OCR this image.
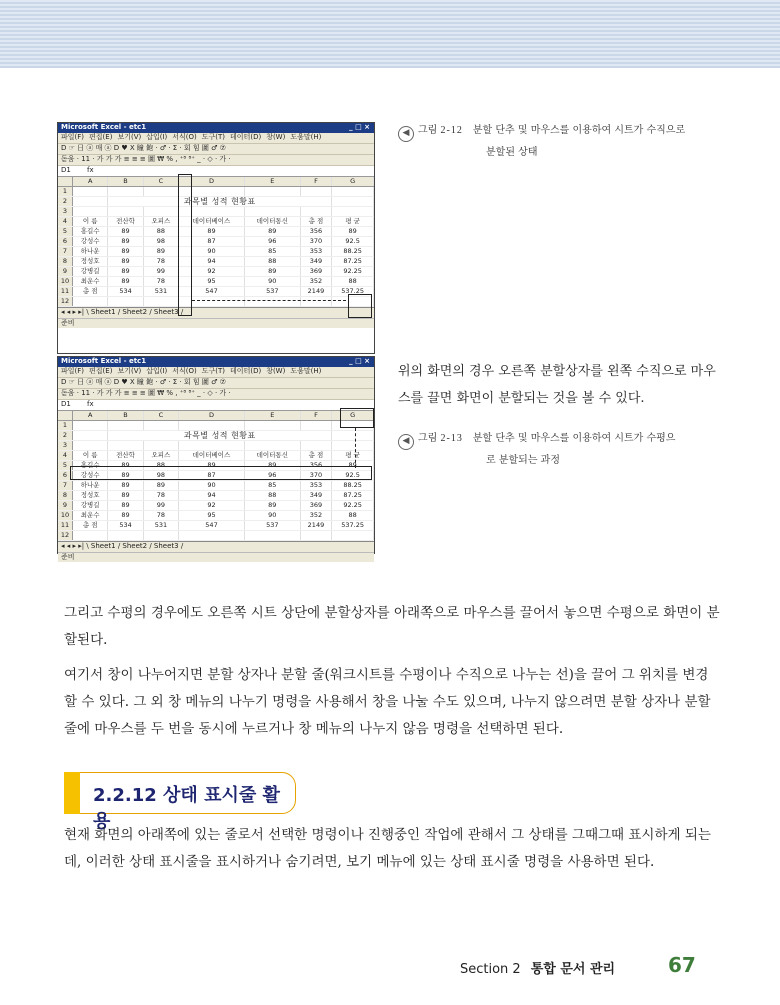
Microsoft Excel - etc1	_ □ ×
파일(F) 편집(E) 보기(V) 삽입(I) 서식(O) 도구(T) 데이터(D) 창(W) 도움말(H)
D ☞ 日 ⓐ 매 ⓐ D ♥ X 瞳 飽 · ♂ · Σ · 회 힘 圖 ♂ ⑦
돋움 · 11 · 가 가 가 ≡ ≡ ≡ 圖 ₩ % , ⁺⁸ ⁸⁺ _ · ◇ · 가 ·
D1 fx
	A	B	C	D	E	F	G
1							
2		과목별 성적 현황표					
3							
4	이 름	전산학	오피스	데이터베이스	데이터통신	총 점	평 균
5	홍길수	89	88	89	89	356	89
6	강성수	89	98	87	96	370	92.5
7	하나운	89	89	90	85	353	88.25
8	정성호	89	78	94	88	349	87.25
9	강병길	89	99	92	89	369	92.25
10	최운수	89	78	95	90	352	88
11	총 점	534	531	547	537	2149	537.25
12							
◂ ◂ ▸ ▸| \ Sheet1 / Sheet2 / Sheet3 /
준비
◀ 그림 2-12 분할 단추 및 마우스를 이용하여 시트가 수직으로
분할된 상태
Microsoft Excel - etc1	_ □ ×
파일(F) 편집(E) 보기(V) 삽입(I) 서식(O) 도구(T) 데이터(D) 창(W) 도움말(H)
D ☞ 日 ⓐ 매 ⓐ D ♥ X 瞳 飽 · ♂ · Σ · 회 힘 圖 ♂ ⑦
돋움 · 11 · 가 가 가 ≡ ≡ ≡ 圖 ₩ % , ⁺⁸ ⁸⁺ _ · ◇ · 가 ·
D1 fx
	A	B	C	D	E	F	G
1							
2		과목별 성적 현황표					
3							
4	이 름	전산학	오피스	데이터베이스	데이터통신	총 점	평 균
5	홍길수	89	88	89	89	356	89
6	강성수	89	98	87	96	370	92.5
7	하나운	89	89	90	85	353	88.25
8	정성호	89	78	94	88	349	87.25
9	강병길	89	99	92	89	369	92.25
10	최운수	89	78	95	90	352	88
11	총 점	534	531	547	537	2149	537.25
12							
◂ ◂ ▸ ▸| \ Sheet1 / Sheet2 / Sheet3 /
준비
위의 화면의 경우 오른쪽 분할상자를 왼쪽 수직으로 마우스를 끌면 화면이 분할되는 것을 볼 수 있다.
◀ 그림 2-13 분할 단추 및 마우스를 이용하여 시트가 수평으
로 분할되는 과정
그리고 수평의 경우에도 오른쪽 시트 상단에 분할상자를 아래쪽으로 마우스를 끌어서 놓으면 수평으로 화면이 분할된다.
여기서 창이 나누어지면 분할 상자나 분할 줄(워크시트를 수평이나 수직으로 나누는 선)을 끌어 그 위치를 변경할 수 있다. 그 외 창 메뉴의 나누기 명령을 사용해서 창을 나눌 수도 있으며, 나누지 않으려면 분할 상자나 분할 줄에 마우스를 두 번을 동시에 누르거나 창 메뉴의 나누지 않음 명령을 선택하면 된다.
2.2.12 상태 표시줄 활용
현재 화면의 아래쪽에 있는 줄로서 선택한 명령이나 진행중인 작업에 관해서 그 상태를 그때그때 표시하게 되는데, 이러한 상태 표시줄을 표시하거나 숨기려면, 보기 메뉴에 있는 상태 표시줄 명령을 사용하면 된다.
Section 2 통합 문서 관리	67
